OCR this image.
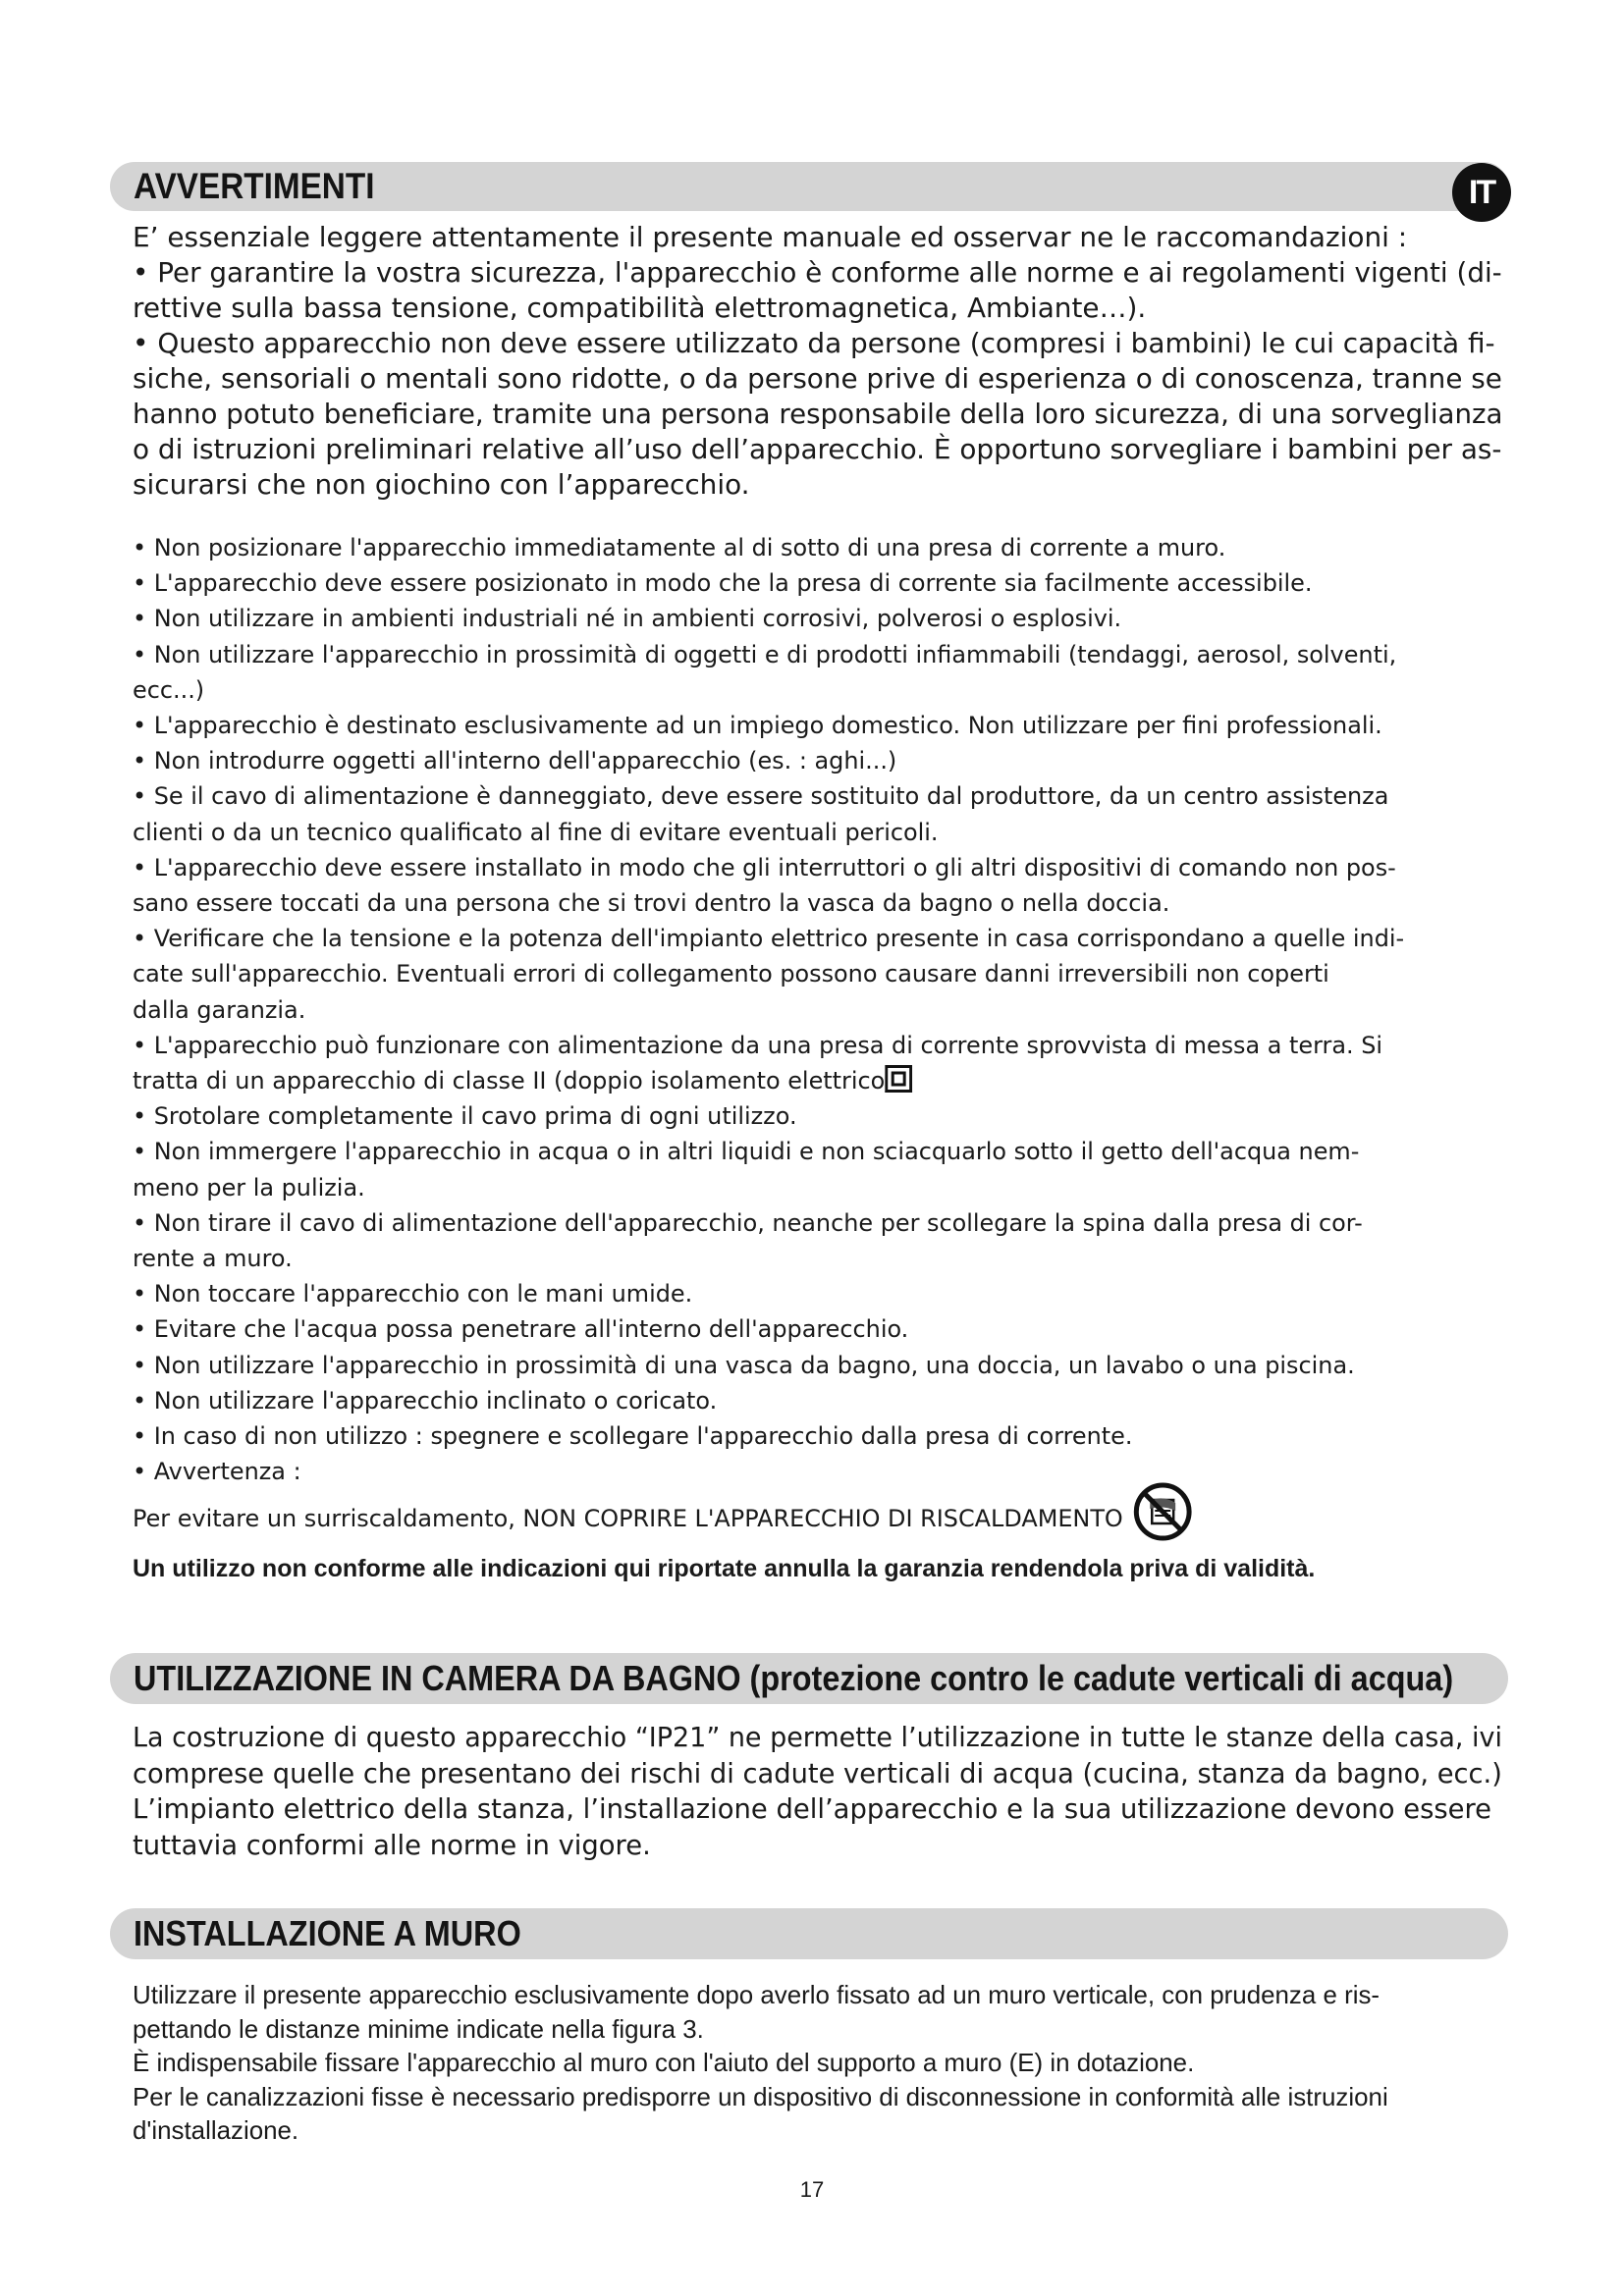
AVVERTIMENTI	IT

E’ essenziale leggere attentamente il presente manuale ed osservar ne le raccomandazioni :

• Per garantire la vostra sicurezza, l'apparecchio è conforme alle norme e ai regolamenti vigenti (di-

rettive sulla bassa tensione, compatibilità elettromagnetica, Ambiante…).

• Questo apparecchio non deve essere utilizzato da persone (compresi i bambini) le cui capacità fi-

siche, sensoriali o mentali sono ridotte, o da persone prive di esperienza o di conoscenza, tranne se

hanno potuto beneficiare, tramite una persona responsabile della loro sicurezza, di una sorveglianza

o di istruzioni preliminari relative all’uso dell’apparecchio. È opportuno sorvegliare i bambini per as-

sicurarsi che non giochino con l’apparecchio.

• Non posizionare l'apparecchio immediatamente al di sotto di una presa di corrente a muro.

• L'apparecchio deve essere posizionato in modo che la presa di corrente sia facilmente accessibile.

• Non utilizzare in ambienti industriali né in ambienti corrosivi, polverosi o esplosivi.

• Non utilizzare l'apparecchio in prossimità di oggetti e di prodotti infiammabili (tendaggi, aerosol, solventi,

ecc...)

• L'apparecchio è destinato esclusivamente ad un impiego domestico. Non utilizzare per fini professionali.

• Non introdurre oggetti all'interno dell'apparecchio (es. : aghi...)

• Se il cavo di alimentazione è danneggiato, deve essere sostituito dal produttore, da un centro assistenza

clienti o da un tecnico qualificato al fine di evitare eventuali pericoli.

• L'apparecchio deve essere installato in modo che gli interruttori o gli altri dispositivi di comando non pos-

sano essere toccati da una persona che si trovi dentro la vasca da bagno o nella doccia.

• Verificare che la tensione e la potenza dell'impianto elettrico presente in casa corrispondano a quelle indi-

cate sull'apparecchio. Eventuali errori di collegamento possono causare danni irreversibili non coperti

dalla garanzia.

• L'apparecchio può funzionare con alimentazione da una presa di corrente sprovvista di messa a terra. Si

tratta di un apparecchio di classe II (doppio isolamento elettrico

• Srotolare completamente il cavo prima di ogni utilizzo.

• Non immergere l'apparecchio in acqua o in altri liquidi e non sciacquarlo sotto il getto dell'acqua nem-

meno per la pulizia.

• Non tirare il cavo di alimentazione dell'apparecchio, neanche per scollegare la spina dalla presa di cor-

rente a muro.

• Non toccare l'apparecchio con le mani umide.

• Evitare che l'acqua possa penetrare all'interno dell'apparecchio.

• Non utilizzare l'apparecchio in prossimità di una vasca da bagno, una doccia, un lavabo o una piscina.

• Non utilizzare l'apparecchio inclinato o coricato.

• In caso di non utilizzo : spegnere e scollegare l'apparecchio dalla presa di corrente.

• Avvertenza :

Per evitare un surriscaldamento, NON COPRIRE L'APPARECCHIO DI RISCALDAMENTO

Un utilizzo non conforme alle indicazioni qui riportate annulla la garanzia rendendola priva di validità.

UTILIZZAZIONE IN CAMERA DA BAGNO (protezione contro le cadute verticali di acqua)

La costruzione di questo apparecchio “IP21” ne permette l’utilizzazione in tutte le stanze della casa, ivi

comprese quelle che presentano dei rischi di cadute verticali di acqua (cucina, stanza da bagno, ecc.)

L’impianto elettrico della stanza, l’installazione dell’apparecchio e la sua utilizzazione devono essere

tuttavia conformi alle norme in vigore.

INSTALLAZIONE A MURO

Utilizzare il presente apparecchio esclusivamente dopo averlo fissato ad un muro verticale, con prudenza e ris-

pettando le distanze minime indicate nella figura 3.

È indispensabile fissare l'apparecchio al muro con l'aiuto del supporto a muro (E) in dotazione.

Per le canalizzazioni fisse è necessario predisporre un dispositivo di disconnessione in conformità alle istruzioni

d'installazione.

17
